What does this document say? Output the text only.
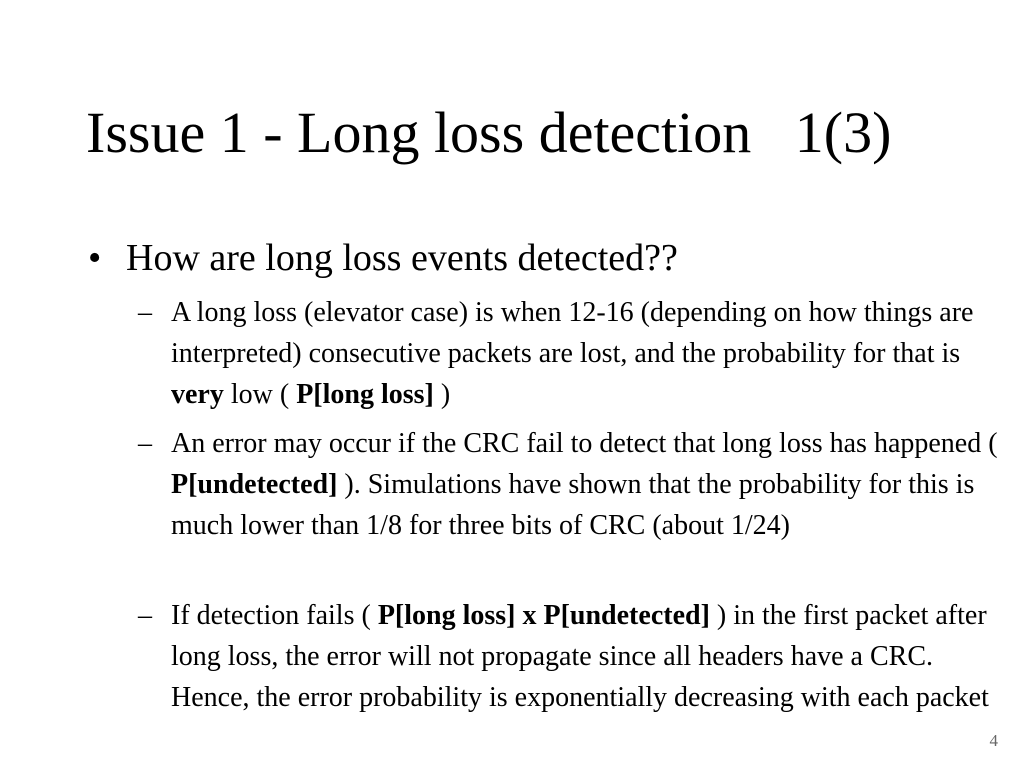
Issue 1 - Long loss detection   1(3)
• How are long loss events detected??
– A long loss (elevator case) is when 12-16 (depending on how things are interpreted) consecutive packets are lost, and the probability for that is very low ( P[long loss] )
– An error may occur if the CRC fail to detect that long loss has happened ( P[undetected] ). Simulations have shown that the probability for this is much lower than 1/8 for three bits of CRC (about 1/24)
– If detection fails ( P[long loss] x P[undetected] ) in the first packet after long loss, the error will not propagate since all headers have a CRC. Hence, the error probability is exponentially decreasing with each packet
4
